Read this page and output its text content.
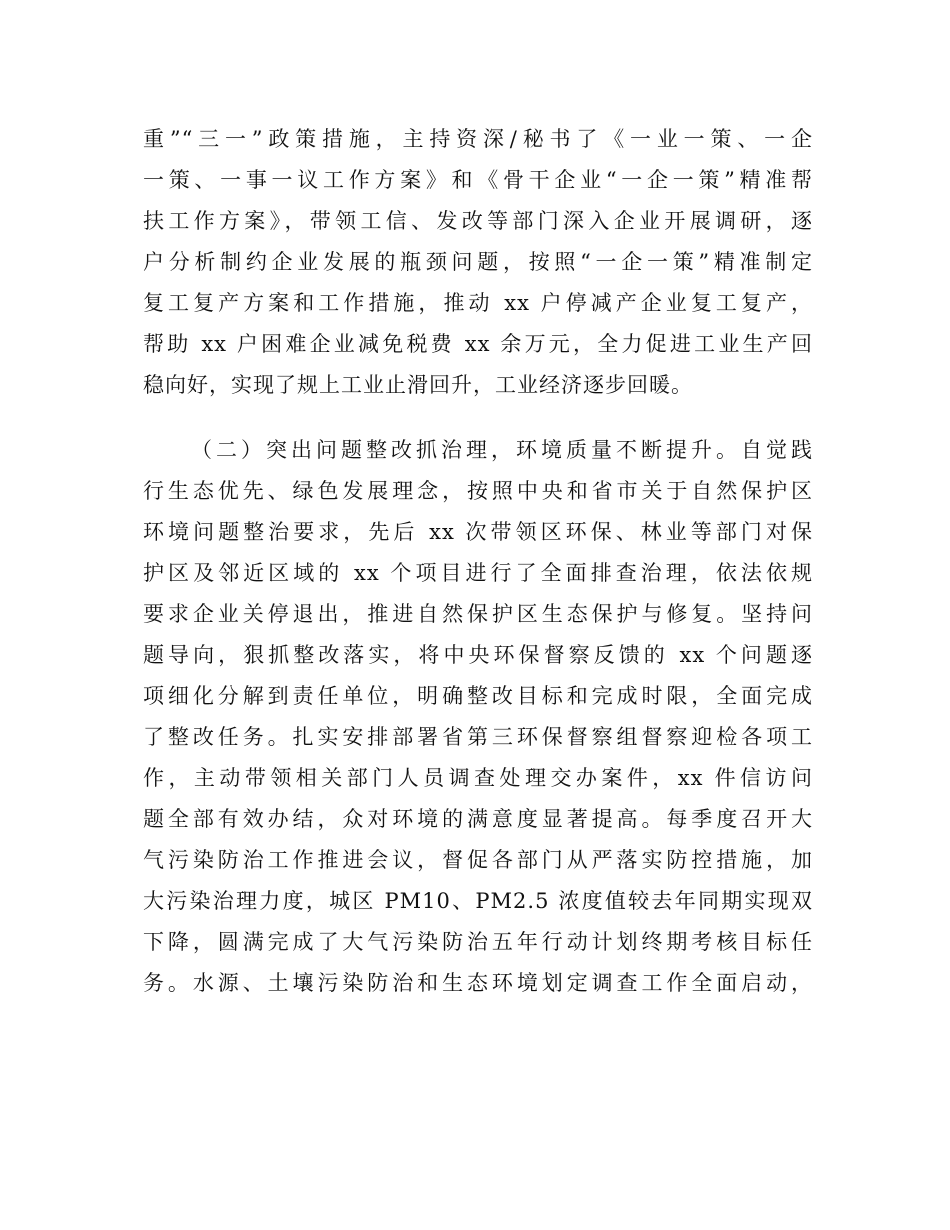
重”“三一”政策措施，主持资深/秘书了《一业一策、一企
一策、一事一议工作方案》和《骨干企业“一企一策”精准帮
扶工作方案》，带领工信、发改等部门深入企业开展调研，逐
户分析制约企业发展的瓶颈问题，按照“一企一策”精准制定
复工复产方案和工作措施，推动 xx 户停减产企业复工复产，
帮助 xx 户困难企业减免税费 xx 余万元，全力促进工业生产回
稳向好，实现了规上工业止滑回升，工业经济逐步回暖。
（二）突出问题整改抓治理，环境质量不断提升。自觉践
行生态优先、绿色发展理念，按照中央和省市关于自然保护区
环境问题整治要求，先后 xx 次带领区环保、林业等部门对保
护区及邻近区域的 xx 个项目进行了全面排查治理，依法依规
要求企业关停退出，推进自然保护区生态保护与修复。坚持问
题导向，狠抓整改落实，将中央环保督察反馈的 xx 个问题逐
项细化分解到责任单位，明确整改目标和完成时限，全面完成
了整改任务。扎实安排部署省第三环保督察组督察迎检各项工
作，主动带领相关部门人员调查处理交办案件，xx 件信访问
题全部有效办结，众对环境的满意度显著提高。每季度召开大
气污染防治工作推进会议，督促各部门从严落实防控措施，加
大污染治理力度，城区 PM10、PM2.5 浓度值较去年同期实现双
下降，圆满完成了大气污染防治五年行动计划终期考核目标任
务。水源、土壤污染防治和生态环境划定调查工作全面启动，
